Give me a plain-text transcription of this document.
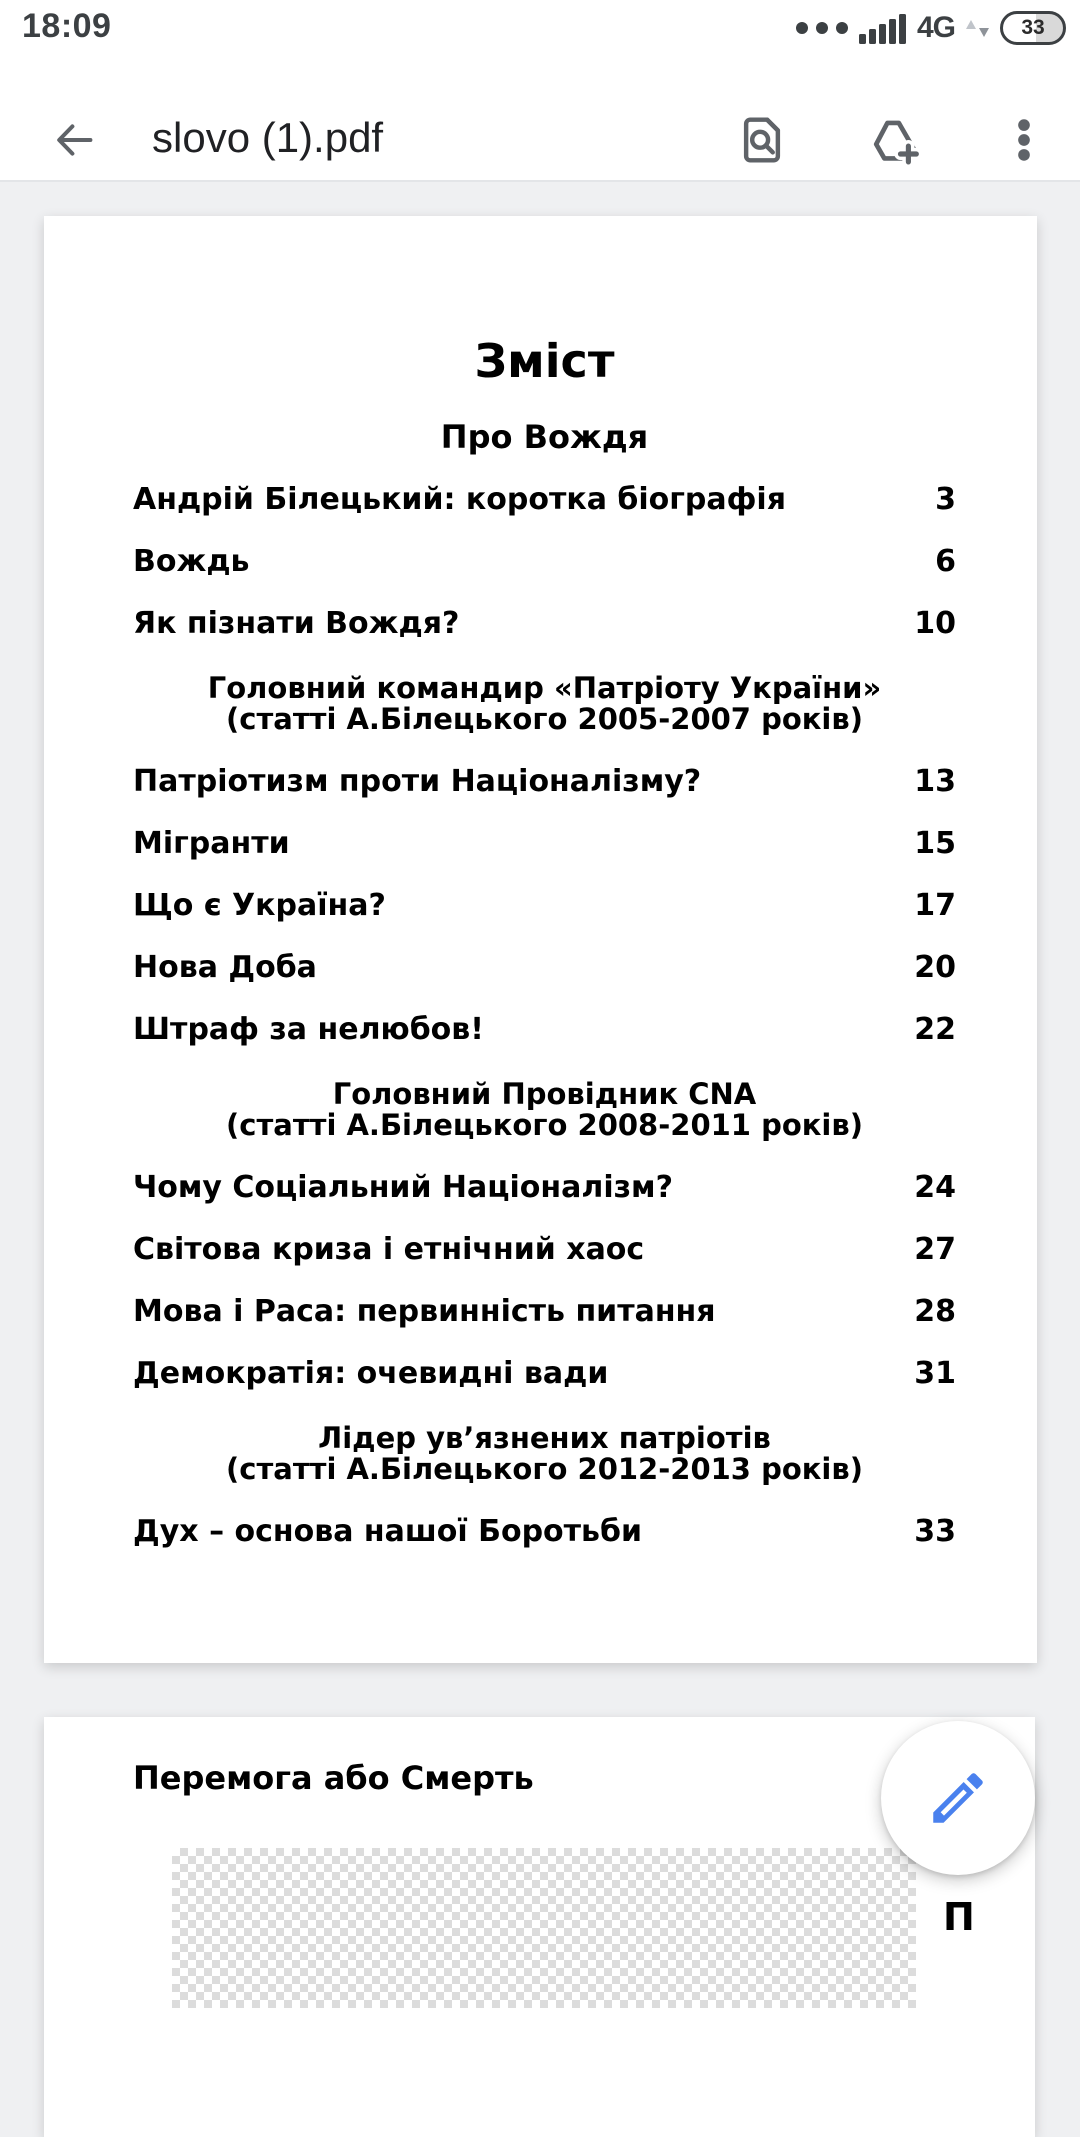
18:09	4G	33
slovo (1).pdf
Зміст
Про Вождя
Андрій Білецький: коротка біографія	3
Вождь	6
Як пізнати Вождя?	10
Головний командир «Патріоту України»
(статті А.Білецького 2005-2007 років)
Патріотизм проти Націоналізму?	13
Мігранти	15
Що є Україна?	17
Нова Доба	20
Штраф за нелюбов!	22
Головний Провідник CNA
(статті А.Білецького 2008-2011 років)
Чому Соціальний Націоналізм?	24
Світова криза і етнічний хаос	27
Мова і Раса: первинність питання	28
Демократія: очевидні вади	31
Лідер ув’язнених патріотів
(статті А.Білецького 2012-2013 років)
Дух – основа нашої Боротьби	33
Перемога або Смерть
П
